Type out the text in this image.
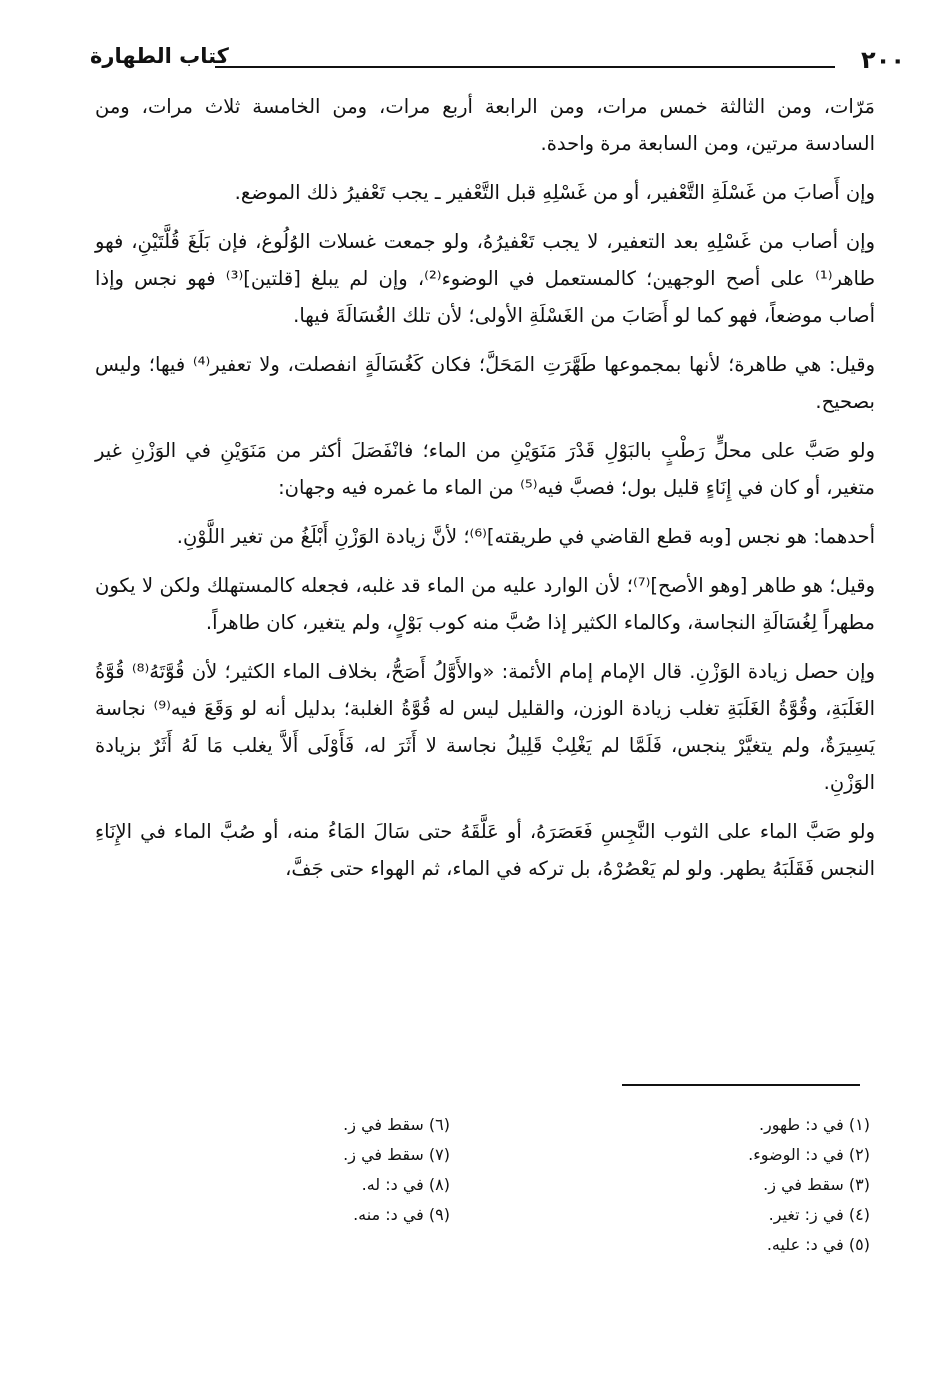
٢٠٠
كتاب الطهارة

مَرّات، ومن الثالثة خمس مرات، ومن الرابعة أربع مرات، ومن الخامسة ثلاث مرات، ومن السادسة مرتين، ومن السابعة مرة واحدة.

وإن أَصابَ من غَسْلَةِ التَّعْفير، أو من غَسْلِهِ قبل التَّعْفير ـ يجب تَعْفيرُ ذلك الموضع.

وإن أصاب من غَسْلِهِ بعد التعفير، لا يجب تَعْفيرُهُ، ولو جمعت غسلات الوُلُوغ، فإن بَلَغَ قُلَّتَيْنِ، فهو طاهر⁽¹⁾ على أصح الوجهين؛ كالمستعمل في الوضوء⁽²⁾، وإن لم يبلغ [قلتين]⁽³⁾ فهو نجس وإذا أصاب موضعاً، فهو كما لو أَصَابَ من الغَسْلَةِ الأولى؛ لأن تلك الغُسَالَةَ فيها.

وقيل: هي طاهرة؛ لأنها بمجموعها طَهَّرَتِ المَحَلَّ؛ فكان كَغُسَالَةٍ انفصلت، ولا تعفير⁽⁴⁾ فيها؛ وليس بصحيح.

ولو صَبَّ على محلٍّ رَطْبٍ بالبَوْلِ قَدْرَ مَنَوَيْنِ من الماء؛ فانْفَصَلَ أكثر من مَنَوَيْنِ في الوَزْنِ غير متغير، أو كان في إِنَاءٍ قليل بول؛ فصبَّ فيه⁽⁵⁾ من الماء ما غمره فيه وجهان:

أحدهما: هو نجس [وبه قطع القاضي في طريقته]⁽⁶⁾؛ لأنَّ زيادة الوَزْنِ أَبْلَغُ من تغير اللَّوْنِ.

وقيل؛ هو طاهر [وهو الأصح]⁽⁷⁾؛ لأن الوارد عليه من الماء قد غلبه، فجعله كالمستهلك ولكن لا يكون مطهراً لِغُسَالَةِ النجاسة، وكالماء الكثير إذا صُبَّ منه كوب بَوْلٍ، ولم يتغير، كان طاهراً.

وإن حصل زيادة الوَزْنِ. قال الإمام إمام الأئمة: «والأَوَّلُ أَصَحُّ، بخلاف الماء الكثير؛ لأن قُوَّتَهُ⁽⁸⁾ قُوَّةُ الغَلَبَةِ، وقُوَّةُ الغَلَبَةِ تغلب زيادة الوزن، والقليل ليس له قُوَّةُ الغلبة؛ بدليل أنه لو وَقَعَ فيه⁽⁹⁾ نجاسة يَسِيرَةٌ، ولم يتغيَّرْ ينجس، فَلَمَّا لم يَغْلِبْ قَلِيلُ نجاسة لا أَثَرَ له، فَأَوْلَى أَلاَّ يغلب مَا لَهُ أَثَرٌ بزيادة الوَزْنِ.

ولو صَبَّ الماء على الثوب النَّجِسِ فَعَصَرَهُ، أو عَلَّقَهُ حتى سَالَ المَاءُ منه، أو صُبَّ الماء في الإِنَاءِ النجس فَقَلَبَهُ يطهر. ولو لم يَعْصُرْهُ، بل تركه في الماء، ثم الهواء حتى جَفَّ،

(١) في د: طهور.
(٢) في د: الوضوء.
(٣) سقط في ز.
(٤) في ز: تغير.
(٥) في د: عليه.
(٦) سقط في ز.
(٧) سقط في ز.
(٨) في د: له.
(٩) في د: منه.
